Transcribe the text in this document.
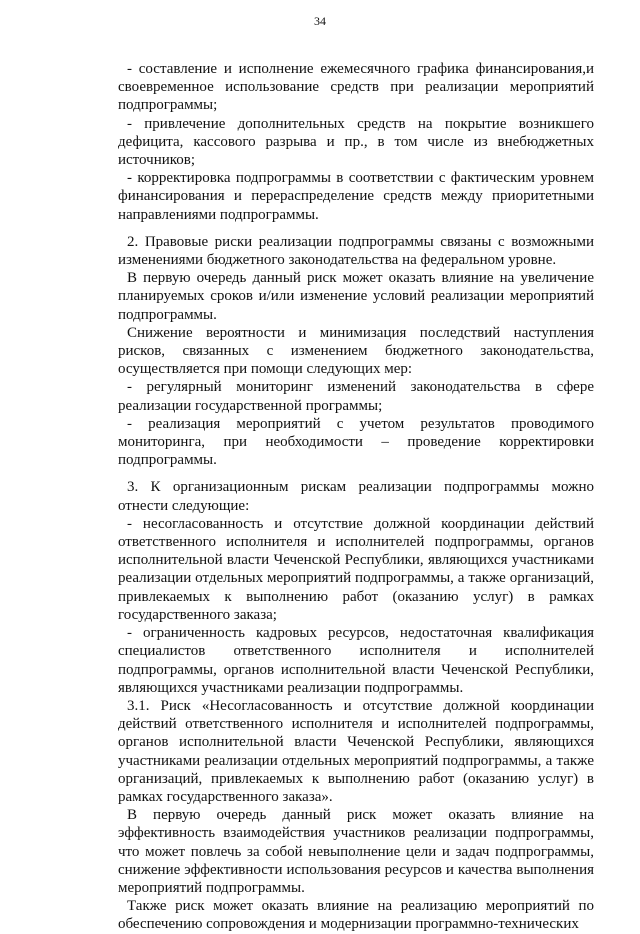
34

- составление и исполнение ежемесячного графика финансирования,и своевременное использование средств при реализации мероприятий подпрограммы;

- привлечение дополнительных средств на покрытие возникшего дефицита, кассового разрыва и пр., в том числе из внебюджетных источников;

- корректировка подпрограммы в соответствии с фактическим уровнем финансирования и перераспределение средств между приоритетными направлениями подпрограммы.

2. Правовые риски реализации подпрограммы связаны с возможными изменениями бюджетного законодательства на федеральном уровне.

В первую очередь данный риск может оказать влияние на увеличение планируемых сроков и/или изменение условий реализации мероприятий подпрограммы.

Снижение вероятности и минимизация последствий наступления рисков, связанных с изменением бюджетного законодательства, осуществляется при помощи следующих мер:

- регулярный мониторинг изменений законодательства в сфере реализации государственной программы;

- реализация мероприятий с учетом результатов проводимого мониторинга, при необходимости – проведение корректировки подпрограммы.

3. К организационным рискам реализации подпрограммы можно отнести следующие:

- несогласованность и отсутствие должной координации действий ответственного исполнителя и исполнителей подпрограммы, органов исполнительной власти Чеченской Республики, являющихся участниками реализации отдельных мероприятий подпрограммы, а также организаций, привлекаемых к выполнению работ (оказанию услуг) в рамках государственного заказа;

- ограниченность кадровых ресурсов, недостаточная квалификация специалистов ответственного исполнителя и исполнителей подпрограммы, органов исполнительной власти Чеченской Республики, являющихся участниками реализации подпрограммы.

3.1. Риск «Несогласованность и отсутствие должной координации действий ответственного исполнителя и исполнителей подпрограммы, органов исполнительной власти Чеченской Республики, являющихся участниками реализации отдельных мероприятий подпрограммы, а также организаций, привлекаемых к выполнению работ (оказанию услуг) в рамках государственного заказа».

В первую очередь данный риск может оказать влияние на эффективность взаимодействия участников реализации подпрограммы, что может повлечь за собой невыполнение цели и задач подпрограммы, снижение эффективности использования ресурсов и качества выполнения мероприятий подпрограммы.

Также риск может оказать влияние на реализацию мероприятий по обеспечению сопровождения и модернизации программно-технических
